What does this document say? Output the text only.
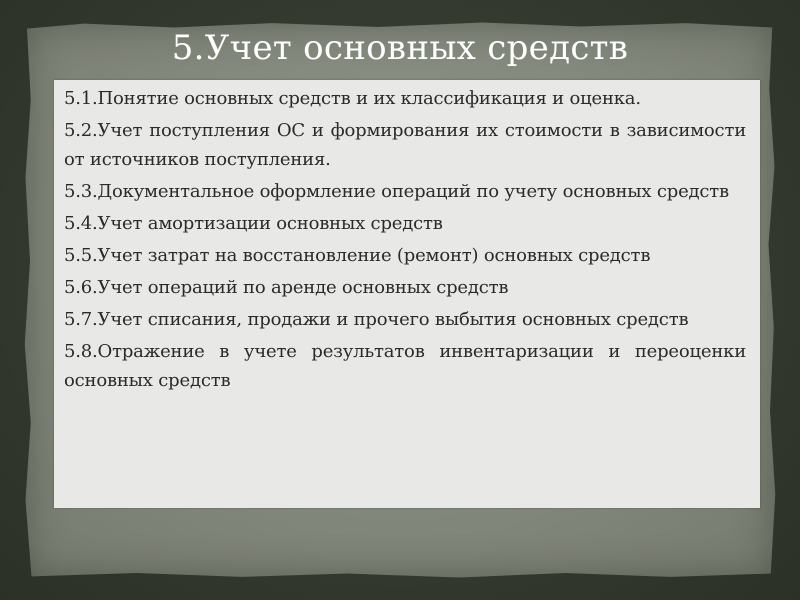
5.Учет основных средств
5.1.Понятие основных средств и их классификация и оценка.
5.2.Учет поступления ОС и формирования их стоимости в зависимости от источников поступления.
5.3.Документальное оформление операций по учету основных средств
5.4.Учет амортизации основных средств
5.5.Учет затрат на восстановление (ремонт) основных средств
5.6.Учет операций по аренде основных средств
5.7.Учет списания, продажи и прочего выбытия основных средств
5.8.Отражение в учете результатов инвентаризации и переоценки основных средств
